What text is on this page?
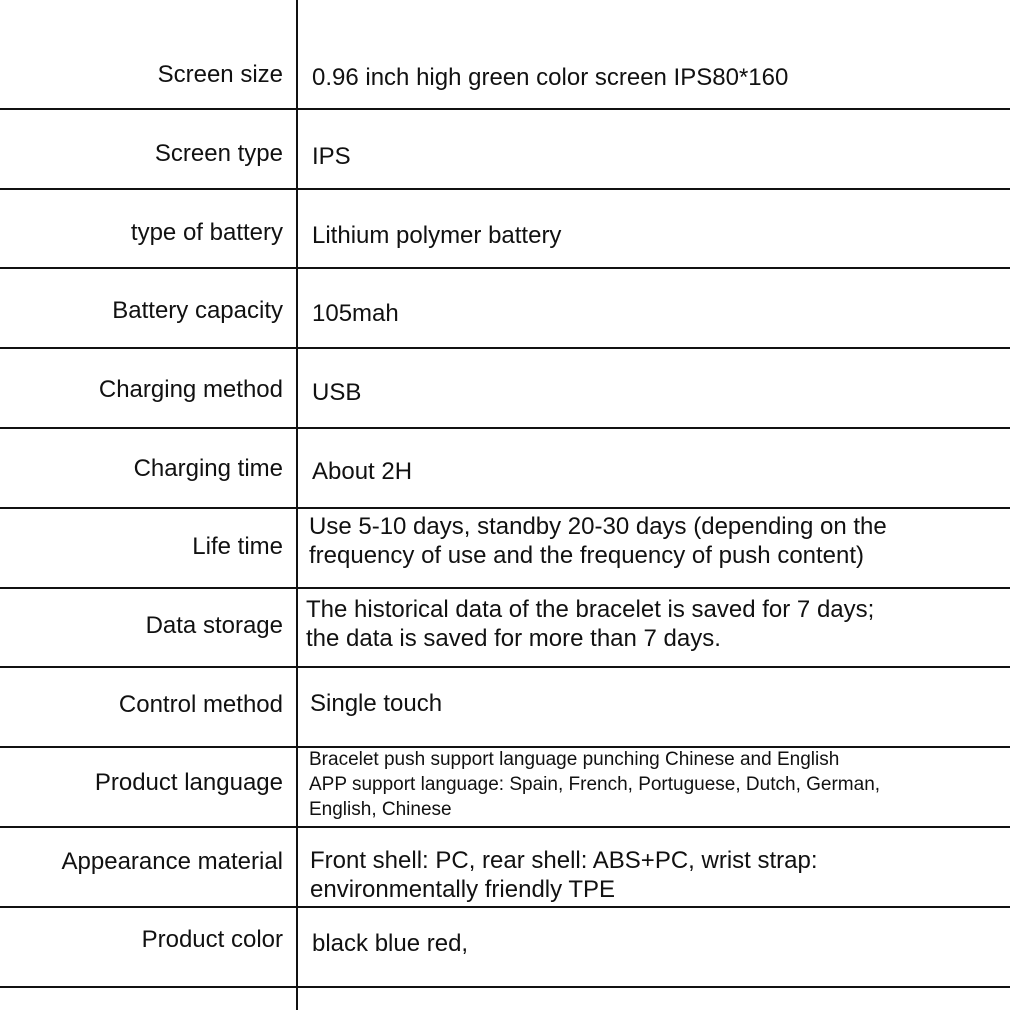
Screen size 0.96 inch high green color screen IPS80*160
Screen type IPS
type of battery Lithium polymer battery
Battery capacity 105mah
Charging method USB
Charging time About 2H
Life time
Use 5-10 days, standby 20-30 days (depending on the
frequency of use and the frequency of push content)
Data storage
The historical data of the bracelet is saved for 7 days;
the data is saved for more than 7 days.
Control method Single touch
Product language
Bracelet push support language punching Chinese and English
APP support language: Spain, French, Portuguese, Dutch, German,
English, Chinese
Appearance material Front shell: PC, rear shell: ABS+PC, wrist strap:
environmentally friendly TPE
Product color black blue red,
